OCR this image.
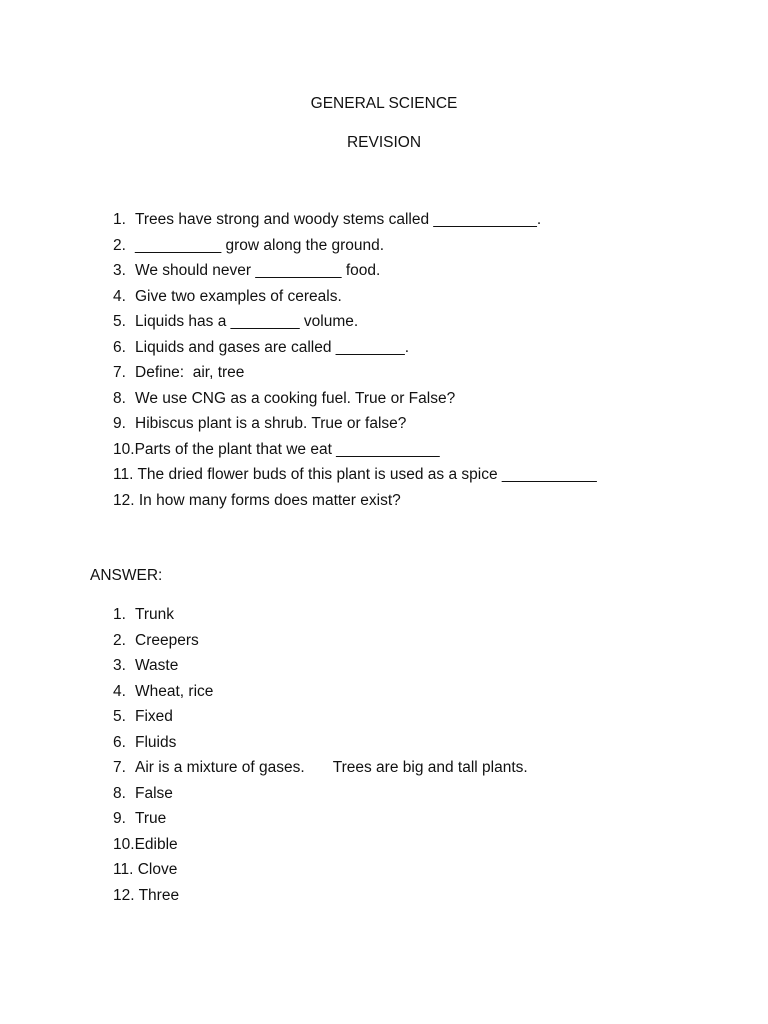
GENERAL SCIENCE
REVISION
1. Trees have strong and woody stems called ____________.
2. __________ grow along the ground.
3. We should never __________ food.
4. Give two examples of cereals.
5. Liquids has a ________ volume.
6. Liquids and gases are called ________.
7. Define:  air, tree
8. We use CNG as a cooking fuel. True or False?
9. Hibiscus plant is a shrub. True or false?
10.Parts of the plant that we eat ____________
11. The dried flower buds of this plant is used as a spice ___________
12. In how many forms does matter exist?
ANSWER:
1. Trunk
2. Creepers
3. Waste
4. Wheat, rice
5. Fixed
6. Fluids
7. Air is a mixture of gases. Trees are big and tall plants.
8. False
9. True
10.Edible
11. Clove
12. Three
